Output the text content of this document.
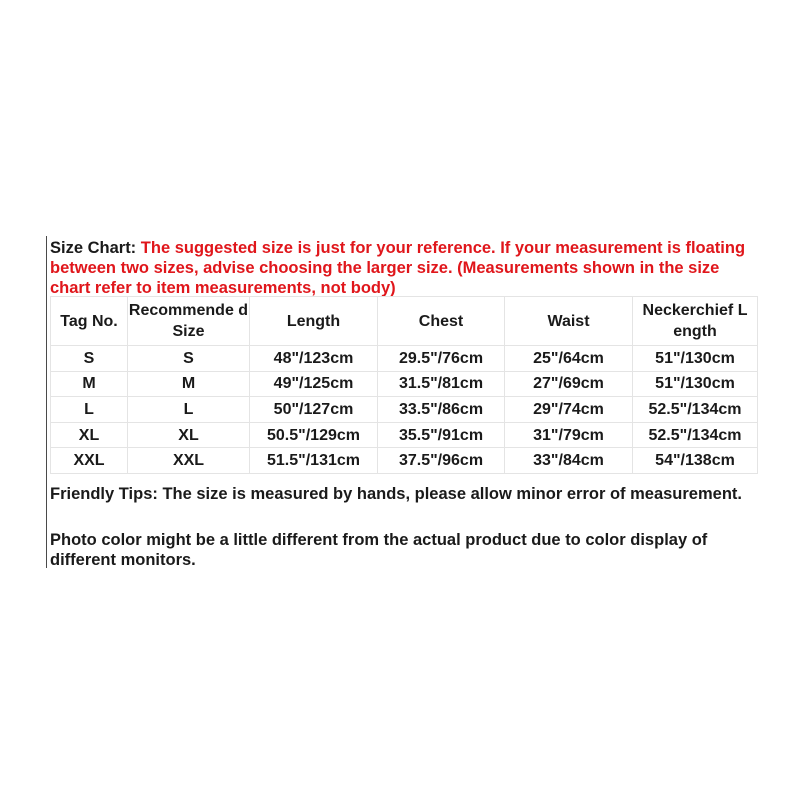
Size Chart: The suggested size is just for your reference. If your measurement is floating between two sizes, advise choosing the larger size. (Measurements shown in the size chart refer to item measurements, not body)
Tag No.	Recommende d Size	Length	Chest	Waist	Neckerchief L ength
S	S	48"/123cm	29.5"/76cm	25"/64cm	51"/130cm
M	M	49"/125cm	31.5"/81cm	27"/69cm	51"/130cm
L	L	50"/127cm	33.5"/86cm	29"/74cm	52.5"/134cm
XL	XL	50.5"/129cm	35.5"/91cm	31"/79cm	52.5"/134cm
XXL	XXL	51.5"/131cm	37.5"/96cm	33"/84cm	54"/138cm
Friendly Tips: The size is measured by hands, please allow minor error of measurement.
Photo color might be a little different from the actual product due to color display of different monitors.
